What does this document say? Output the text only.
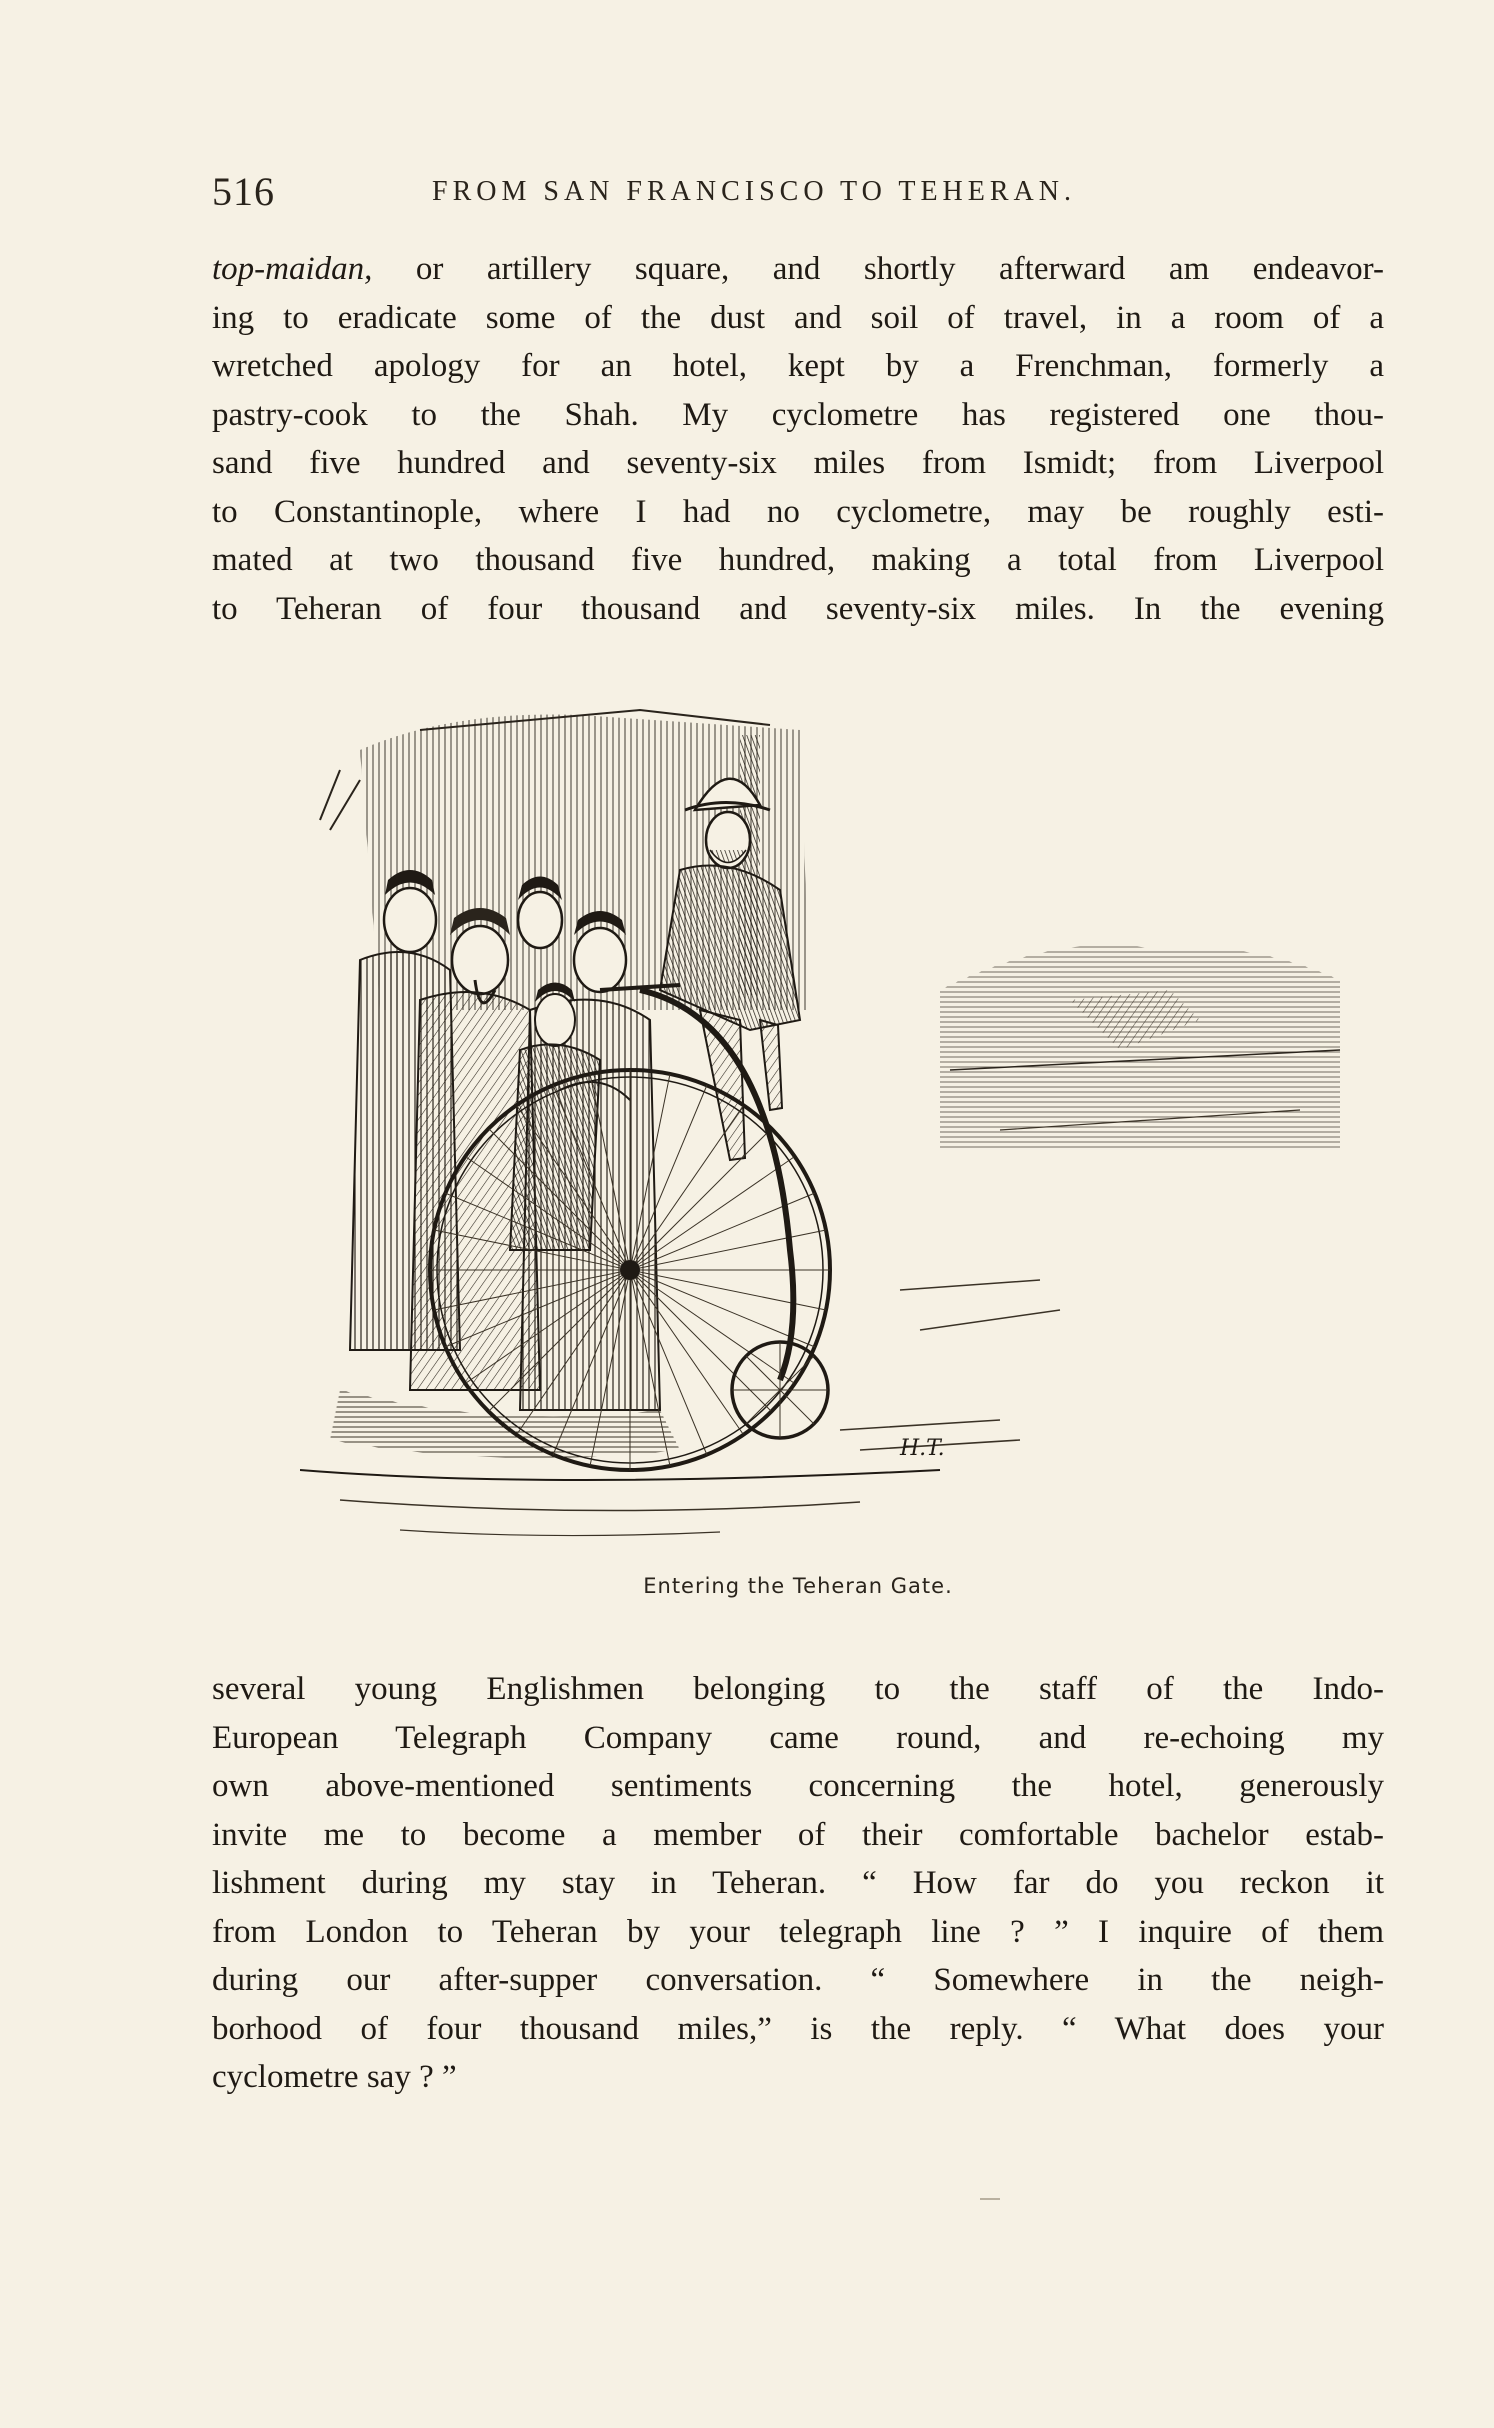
516	FROM SAN FRANCISCO TO TEHERAN.
top-maidan, or artillery square, and shortly afterward am endeavor-
ing to eradicate some of the dust and soil of travel, in a room of a
wretched apology for an hotel, kept by a Frenchman, formerly a
pastry-cook to the Shah. My cyclometre has registered one thou-
sand five hundred and seventy-six miles from Ismidt; from Liverpool
to Constantinople, where I had no cyclometre, may be roughly esti-
mated at two thousand five hundred, making a total from Liverpool
to Teheran of four thousand and seventy-six miles. In the evening
H.T.
Entering the Teheran Gate.
several young Englishmen belonging to the staff of the Indo-
European Telegraph Company came round, and re-echoing my
own above-mentioned sentiments concerning the hotel, generously
invite me to become a member of their comfortable bachelor estab-
lishment during my stay in Teheran. “ How far do you reckon it
from London to Teheran by your telegraph line ? ” I inquire of them
during our after-supper conversation. “ Somewhere in the neigh-
borhood of four thousand miles,” is the reply. “ What does your
cyclometre say ? ”
